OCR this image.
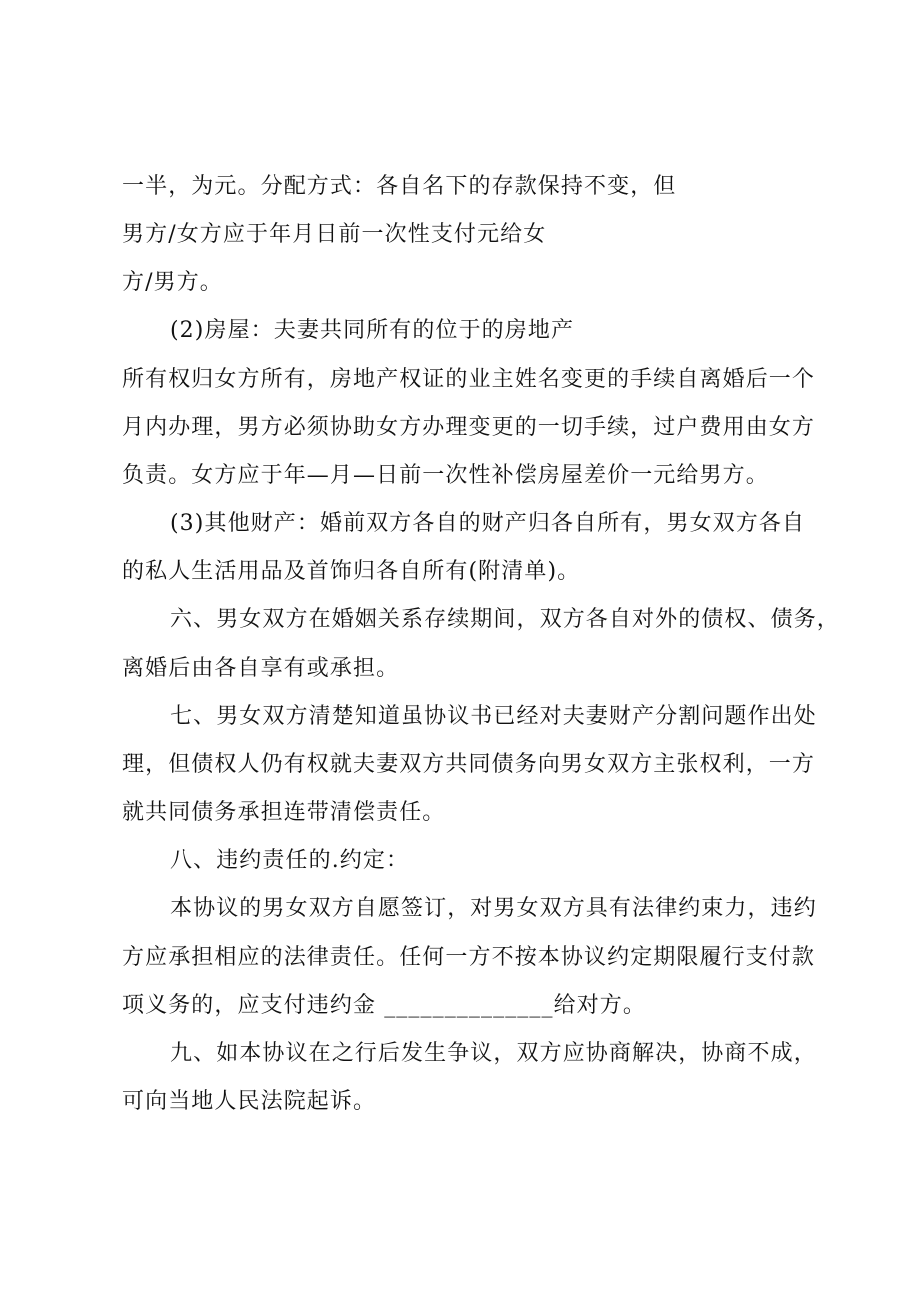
一半，为元。分配方式：各自名下的存款保持不变，但
男方/女方应于年月日前一次性支付元给女
方/男方。
(2)房屋：夫妻共同所有的位于的房地产
所有权归女方所有，房地产权证的业主姓名变更的手续自离婚后一个
月内办理，男方必须协助女方办理变更的一切手续，过户费用由女方
负责。女方应于年—月—日前一次性补偿房屋差价一元给男方。
(3)其他财产：婚前双方各自的财产归各自所有，男女双方各自
的私人生活用品及首饰归各自所有(附清单)。
六、男女双方在婚姻关系存续期间，双方各自对外的债权、债务，
离婚后由各自享有或承担。
七、男女双方清楚知道虽协议书已经对夫妻财产分割问题作出处
理，但债权人仍有权就夫妻双方共同债务向男女双方主张权利，一方
就共同债务承担连带清偿责任。
八、违约责任的.约定：
本协议的男女双方自愿签订，对男女双方具有法律约束力，违约
方应承担相应的法律责任。任何一方不按本协议约定期限履行支付款
项义务的，应支付违约金 ______________给对方。
九、如本协议在之行后发生争议，双方应协商解决，协商不成，
可向当地人民法院起诉。
